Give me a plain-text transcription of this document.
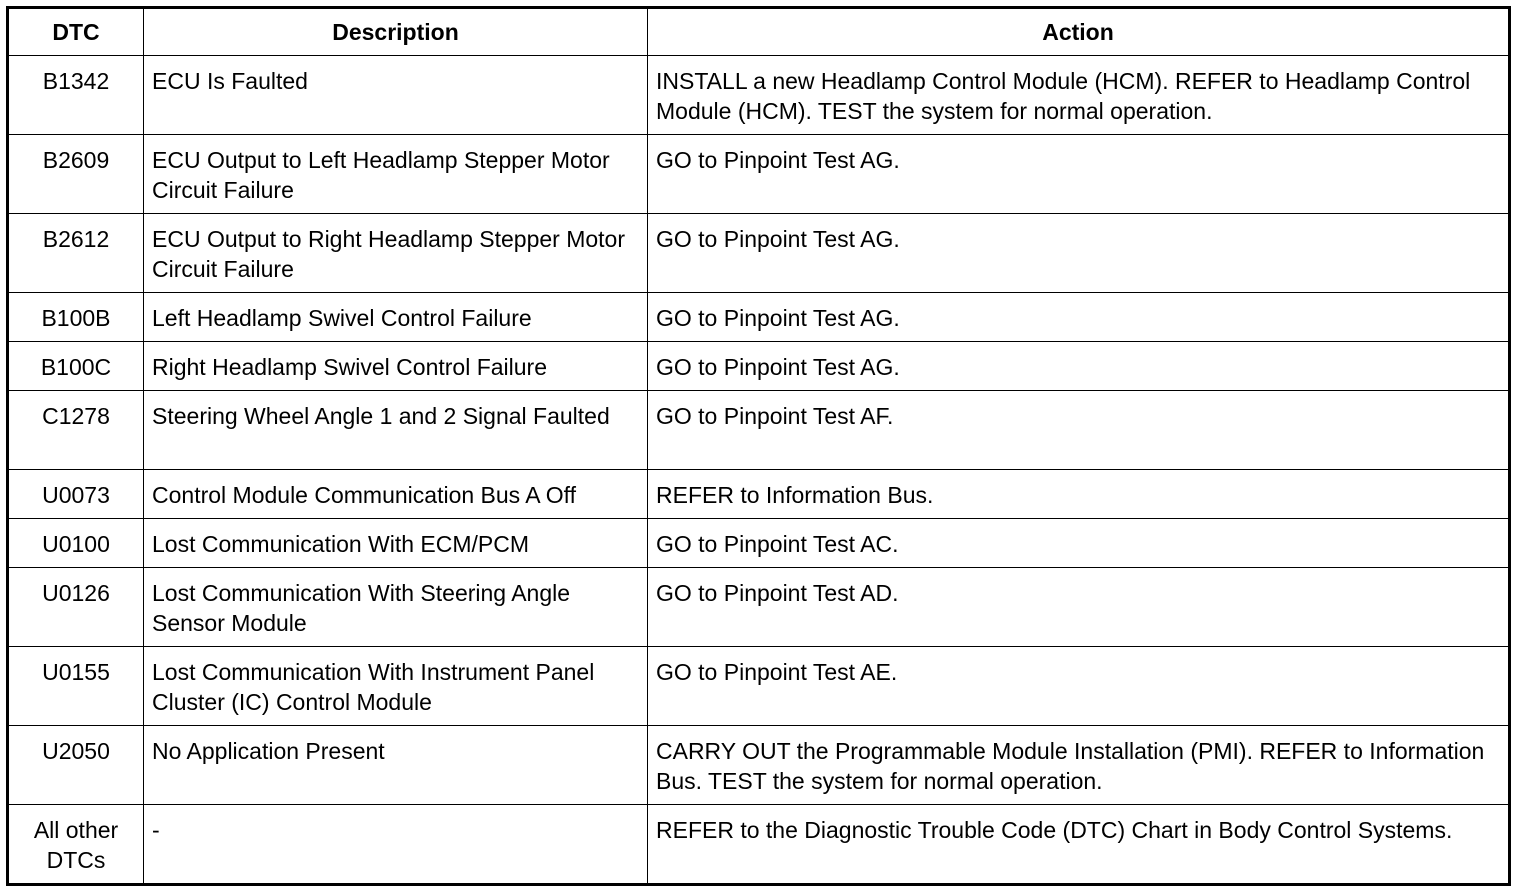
DTC	Description	Action
B1342	ECU Is Faulted	INSTALL a new Headlamp Control Module (HCM). REFER to Headlamp Control Module (HCM). TEST the system for normal operation.
B2609	ECU Output to Left Headlamp Stepper Motor Circuit Failure	GO to Pinpoint Test AG.
B2612	ECU Output to Right Headlamp Stepper Motor Circuit Failure	GO to Pinpoint Test AG.
B100B	Left Headlamp Swivel Control Failure	GO to Pinpoint Test AG.
B100C	Right Headlamp Swivel Control Failure	GO to Pinpoint Test AG.
C1278	Steering Wheel Angle 1 and 2 Signal Faulted	GO to Pinpoint Test AF.
U0073	Control Module Communication Bus A Off	REFER to Information Bus.
U0100	Lost Communication With ECM/PCM	GO to Pinpoint Test AC.
U0126	Lost Communication With Steering Angle Sensor Module	GO to Pinpoint Test AD.
U0155	Lost Communication With Instrument Panel Cluster (IC) Control Module	GO to Pinpoint Test AE.
U2050	No Application Present	CARRY OUT the Programmable Module Installation (PMI). REFER to Information Bus. TEST the system for normal operation.
All other DTCs	-	REFER to the Diagnostic Trouble Code (DTC) Chart in Body Control Systems.
